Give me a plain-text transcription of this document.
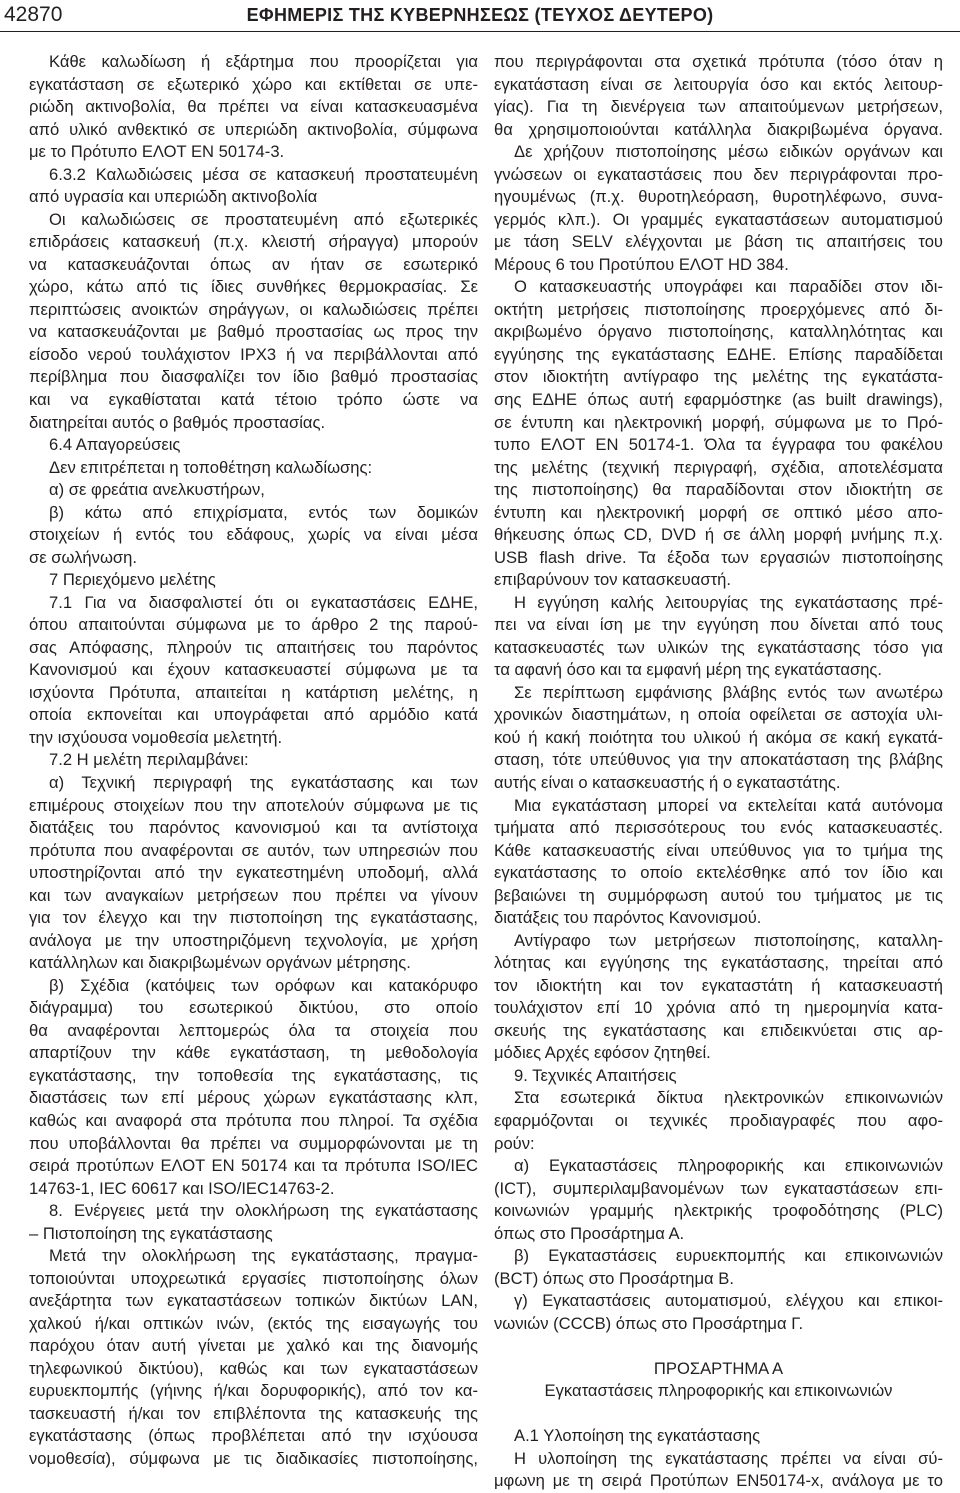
42870	ΕΦΗΜΕΡΙΣ ΤΗΣ ΚΥΒΕΡΝΗΣΕΩΣ (ΤΕΥΧΟΣ ΔΕΥΤΕΡΟ)
Κάθε καλωδίωση ή εξάρτημα που προορίζεται για
εγκατάσταση σε εξωτερικό χώρο και εκτίθεται σε υπε-
ριώδη ακτινοβολία, θα πρέπει να είναι κατασκευασμένα
από υλικό ανθεκτικό σε υπεριώδη ακτινοβολία, σύμφωνα
με το Πρότυπο ΕΛΟΤ ΕΝ 50174-3.
6.3.2 Καλωδιώσεις μέσα σε κατασκευή προστατευμένη
από υγρασία και υπεριώδη ακτινοβολία
Οι καλωδιώσεις σε προστατευμένη από εξωτερικές
επιδράσεις κατασκευή (π.χ. κλειστή σήραγγα) μπορούν
να κατασκευάζονται όπως αν ήταν σε εσωτερικό
χώρο, κάτω από τις ίδιες συνθήκες θερμοκρασίας. Σε
περιπτώσεις ανοικτών σηράγγων, οι καλωδιώσεις πρέπει
να κατασκευάζονται με βαθμό προστασίας ως προς την
είσοδο νερού τουλάχιστον IPX3 ή να περιβάλλονται από
περίβλημα που διασφαλίζει τον ίδιο βαθμό προστασίας
και να εγκαθίσταται κατά τέτοιο τρόπο ώστε να
διατηρείται αυτός ο βαθμός προστασίας.
6.4 Απαγορεύσεις
Δεν επιτρέπεται η τοποθέτηση καλωδίωσης:
α) σε φρεάτια ανελκυστήρων,
β) κάτω από επιχρίσματα, εντός των δομικών
στοιχείων ή εντός του εδάφους, χωρίς να είναι μέσα
σε σωλήνωση.
7 Περιεχόμενο μελέτης
7.1 Για να διασφαλιστεί ότι οι εγκαταστάσεις ΕΔΗΕ,
όπου απαιτούνται σύμφωνα με το άρθρο 2 της παρού-
σας Απόφασης, πληρούν τις απαιτήσεις του παρόντος
Κανονισμού και έχουν κατασκευαστεί σύμφωνα με τα
ισχύοντα Πρότυπα, απαιτείται η κατάρτιση μελέτης, η
οποία εκπονείται και υπογράφεται από αρμόδιο κατά
την ισχύουσα νομοθεσία μελετητή.
7.2 Η μελέτη περιλαμβάνει:
α) Τεχνική περιγραφή της εγκατάστασης και των
επιμέρους στοιχείων που την αποτελούν σύμφωνα με τις
διατάξεις του παρόντος κανονισμού και τα αντίστοιχα
πρότυπα που αναφέρονται σε αυτόν, των υπηρεσιών που
υποστηρίζονται από την εγκατεστημένη υποδομή, αλλά
και των αναγκαίων μετρήσεων που πρέπει να γίνουν
για τον έλεγχο και την πιστοποίηση της εγκατάστασης,
ανάλογα με την υποστηριζόμενη τεχνολογία, με χρήση
κατάλληλων και διακριβωμένων οργάνων μέτρησης.
β) Σχέδια (κατόψεις των ορόφων και κατακόρυφο
διάγραμμα) του εσωτερικού δικτύου, στο οποίο
θα αναφέρονται λεπτομερώς όλα τα στοιχεία που
απαρτίζουν την κάθε εγκατάσταση, τη μεθοδολογία
εγκατάστασης, την τοποθεσία της εγκατάστασης, τις
διαστάσεις των επί μέρους χώρων εγκατάστασης κλπ,
καθώς και αναφορά στα πρότυπα που πληροί. Τα σχέδια
που υποβάλλονται θα πρέπει να συμμορφώνονται με τη
σειρά προτύπων ΕΛΟΤ ΕΝ 50174 και τα πρότυπα ISO/IEC
14763-1, IEC 60617 και ISO/IEC14763-2.
8. Ενέργειες μετά την ολοκλήρωση της εγκατάστασης
– Πιστοποίηση της εγκατάστασης
Μετά την ολοκλήρωση της εγκατάστασης, πραγμα-
τοποιούνται υποχρεωτικά εργασίες πιστοποίησης όλων
ανεξάρτητα των εγκαταστάσεων τοπικών δικτύων LAN,
χαλκού ή/και οπτικών ινών, (εκτός της εισαγωγής του
παρόχου όταν αυτή γίνεται με χαλκό και της διανομής
τηλεφωνικού δικτύου), καθώς και των εγκαταστάσεων
ευρυεκπομπής (γήινης ή/και δορυφορικής), από τον κα-
τασκευαστή ή/και τον επιβλέποντα της κατασκευής της
εγκατάστασης (όπως προβλέπεται από την ισχύουσα
νομοθεσία), σύμφωνα με τις διαδικασίες πιστοποίησης,
που περιγράφονται στα σχετικά πρότυπα (τόσο όταν η
εγκατάσταση είναι σε λειτουργία όσο και εκτός λειτουρ-
γίας). Για τη διενέργεια των απαιτούμενων μετρήσεων,
θα χρησιμοποιούνται κατάλληλα διακριβωμένα όργανα.
Δε χρήζουν πιστοποίησης μέσω ειδικών οργάνων και
γνώσεων οι εγκαταστάσεις που δεν περιγράφονται προ-
ηγουμένως (π.χ. θυροτηλεόραση, θυροτηλέφωνο, συνα-
γερμός κλπ.). Οι γραμμές εγκαταστάσεων αυτοματισμού
με τάση SELV ελέγχονται με βάση τις απαιτήσεις του
Μέρους 6 του Προτύπου ΕΛΟΤ HD 384.
Ο κατασκευαστής υπογράφει και παραδίδει στον ιδι-
οκτήτη μετρήσεις πιστοποίησης προερχόμενες από δι-
ακριβωμένο όργανο πιστοποίησης, καταλληλότητας και
εγγύησης της εγκατάστασης ΕΔΗΕ. Επίσης παραδίδεται
στον ιδιοκτήτη αντίγραφο της μελέτης της εγκατάστα-
σης ΕΔΗΕ όπως αυτή εφαρμόστηκε (as built drawings),
σε έντυπη και ηλεκτρονική μορφή, σύμφωνα με το Πρό-
τυπο ΕΛΟΤ ΕΝ 50174-1. Όλα τα έγγραφα του φακέλου
της μελέτης (τεχνική περιγραφή, σχέδια, αποτελέσματα
της πιστοποίησης) θα παραδίδονται στον ιδιοκτήτη σε
έντυπη και ηλεκτρονική μορφή σε οπτικό μέσο απο-
θήκευσης όπως CD, DVD ή σε άλλη μορφή μνήμης π.χ.
USB flash drive. Τα έξοδα των εργασιών πιστοποίησης
επιβαρύνουν τον κατασκευαστή.
Η εγγύηση καλής λειτουργίας της εγκατάστασης πρέ-
πει να είναι ίση με την εγγύηση που δίνεται από τους
κατασκευαστές των υλικών της εγκατάστασης τόσο για
τα αφανή όσο και τα εμφανή μέρη της εγκατάστασης.
Σε περίπτωση εμφάνισης βλάβης εντός των ανωτέρω
χρονικών διαστημάτων, η οποία οφείλεται σε αστοχία υλι-
κού ή κακή ποιότητα του υλικού ή ακόμα σε κακή εγκατά-
σταση, τότε υπεύθυνος για την αποκατάσταση της βλάβης
αυτής είναι ο κατασκευαστής ή ο εγκαταστάτης.
Μια εγκατάσταση μπορεί να εκτελείται κατά αυτόνομα
τμήματα από περισσότερους του ενός κατασκευαστές.
Κάθε κατασκευαστής είναι υπεύθυνος για το τμήμα της
εγκατάστασης το οποίο εκτελέσθηκε από τον ίδιο και
βεβαιώνει τη συμμόρφωση αυτού του τμήματος με τις
διατάξεις του παρόντος Κανονισμού.
Αντίγραφο των μετρήσεων πιστοποίησης, καταλλη-
λότητας και εγγύησης της εγκατάστασης, τηρείται από
τον ιδιοκτήτη και τον εγκαταστάτη ή κατασκευαστή
τουλάχιστον επί 10 χρόνια από τη ημερομηνία κατα-
σκευής της εγκατάστασης και επιδεικνύεται στις αρ-
μόδιες Αρχές εφόσον ζητηθεί.
9. Τεχνικές Απαιτήσεις
Στα εσωτερικά δίκτυα ηλεκτρονικών επικοινωνιών
εφαρμόζονται οι τεχνικές προδιαγραφές που αφο-
ρούν:
α) Εγκαταστάσεις πληροφορικής και επικοινωνιών
(ICT), συμπεριλαμβανομένων των εγκαταστάσεων επι-
κοινωνιών γραμμής ηλεκτρικής τροφοδότησης (PLC)
όπως στο Προσάρτημα Α.
β) Εγκαταστάσεις ευρυεκπομπής και επικοινωνιών
(BCT) όπως στο Προσάρτημα Β.
γ) Εγκαταστάσεις αυτοματισμού, ελέγχου και επικοι-
νωνιών (CCCB) όπως στο Προσάρτημα Γ.
ΠΡΟΣΑΡΤΗΜΑ Α
Εγκαταστάσεις πληροφορικής και επικοινωνιών
Α.1 Υλοποίηση της εγκατάστασης
Η υλοποίηση της εγκατάστασης πρέπει να είναι σύ-
μφωνη με τη σειρά Προτύπων ΕΝ50174-x, ανάλογα με το
